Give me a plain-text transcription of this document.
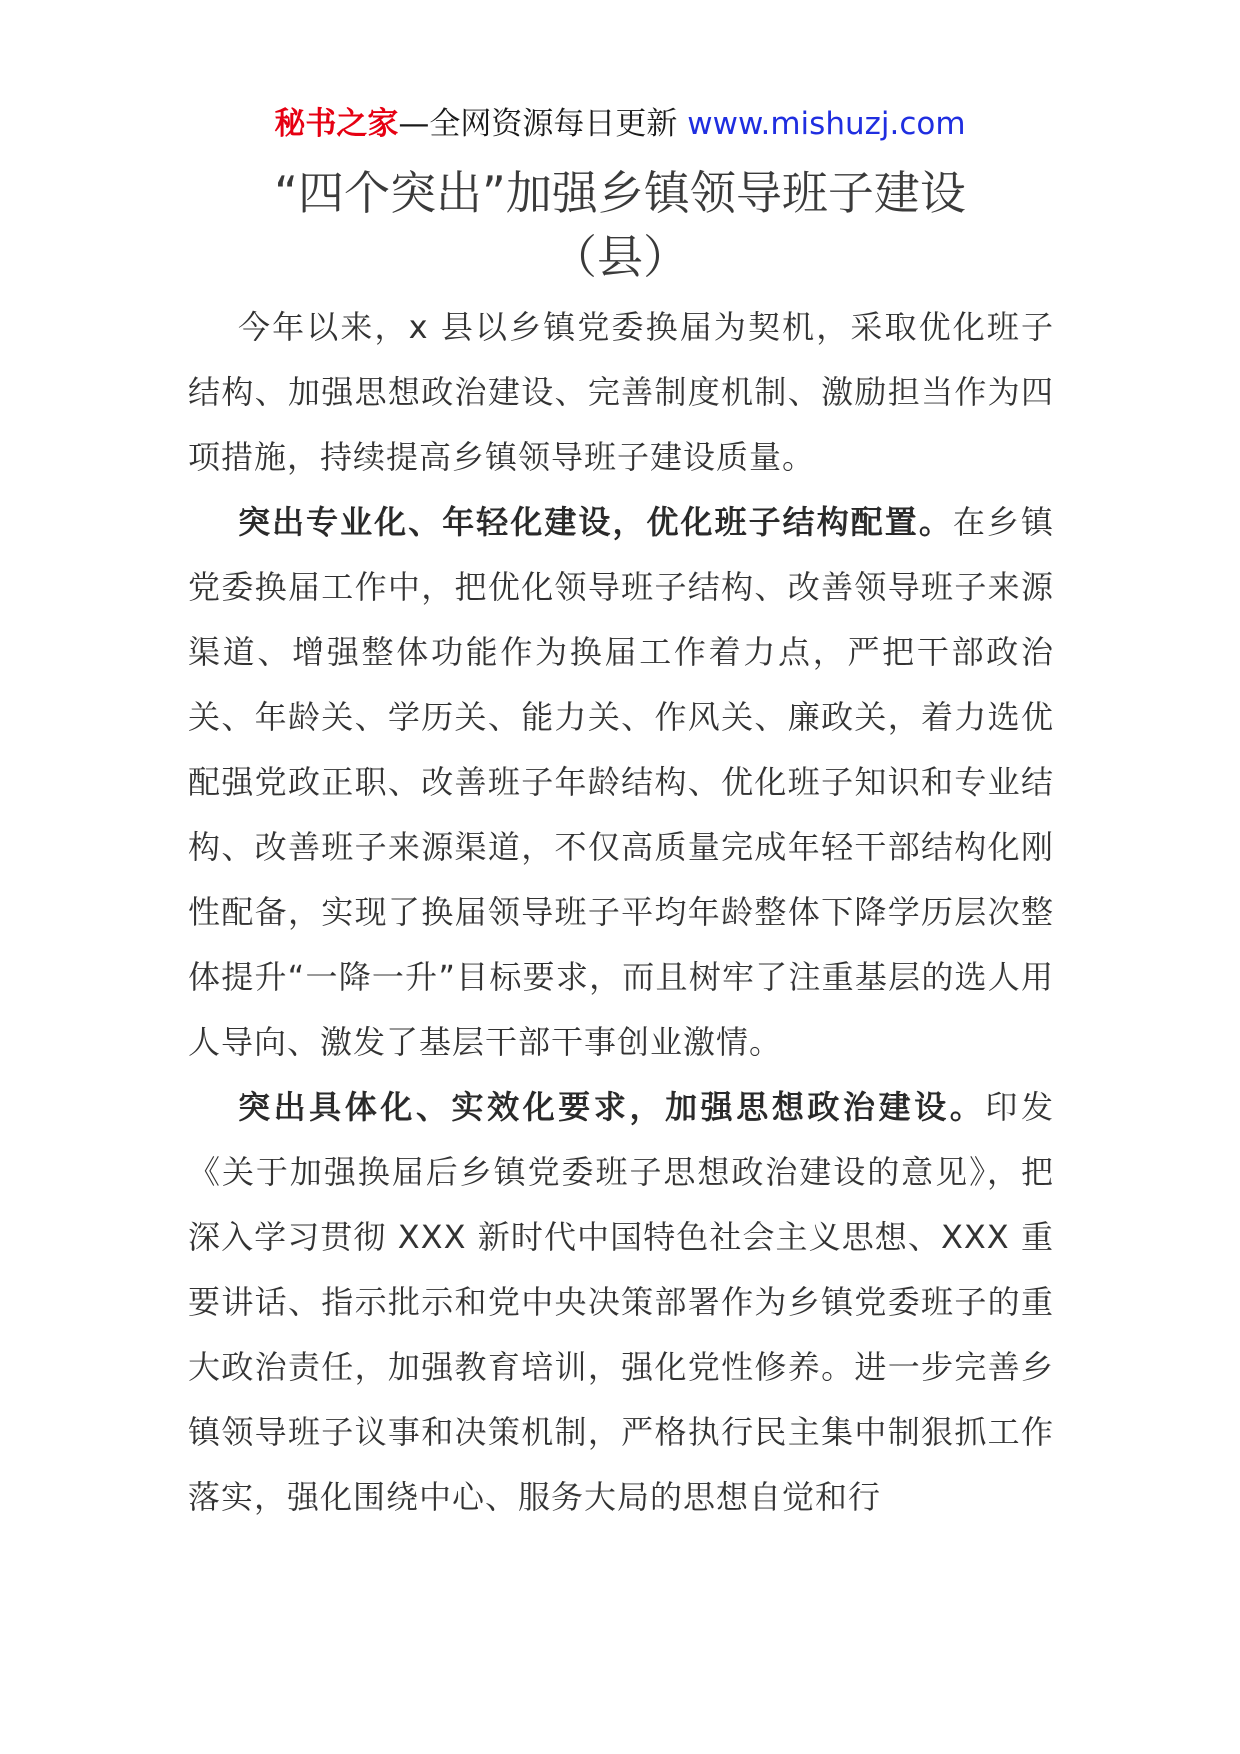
秘书之家—全网资源每日更新 www.mishuzj.com
“四个突出”加强乡镇领导班子建设
（县）

今年以来，x 县以乡镇党委换届为契机，采取优化班子结构、加强思想政治建设、完善制度机制、激励担当作为四项措施，持续提高乡镇领导班子建设质量。

突出专业化、年轻化建设，优化班子结构配置。在乡镇党委换届工作中，把优化领导班子结构、改善领导班子来源渠道、增强整体功能作为换届工作着力点，严把干部政治关、年龄关、学历关、能力关、作风关、廉政关，着力选优配强党政正职、改善班子年龄结构、优化班子知识和专业结构、改善班子来源渠道，不仅高质量完成年轻干部结构化刚性配备，实现了换届领导班子平均年龄整体下降学历层次整体提升“一降一升”目标要求，而且树牢了注重基层的选人用人导向、激发了基层干部干事创业激情。

突出具体化、实效化要求，加强思想政治建设。印发《关于加强换届后乡镇党委班子思想政治建设的意见》，把深入学习贯彻 XXX 新时代中国特色社会主义思想、XXX 重要讲话、指示批示和党中央决策部署作为乡镇党委班子的重大政治责任，加强教育培训，强化党性修养。进一步完善乡镇领导班子议事和决策机制，严格执行民主集中制狠抓工作落实，强化围绕中心、服务大局的思想自觉和行
